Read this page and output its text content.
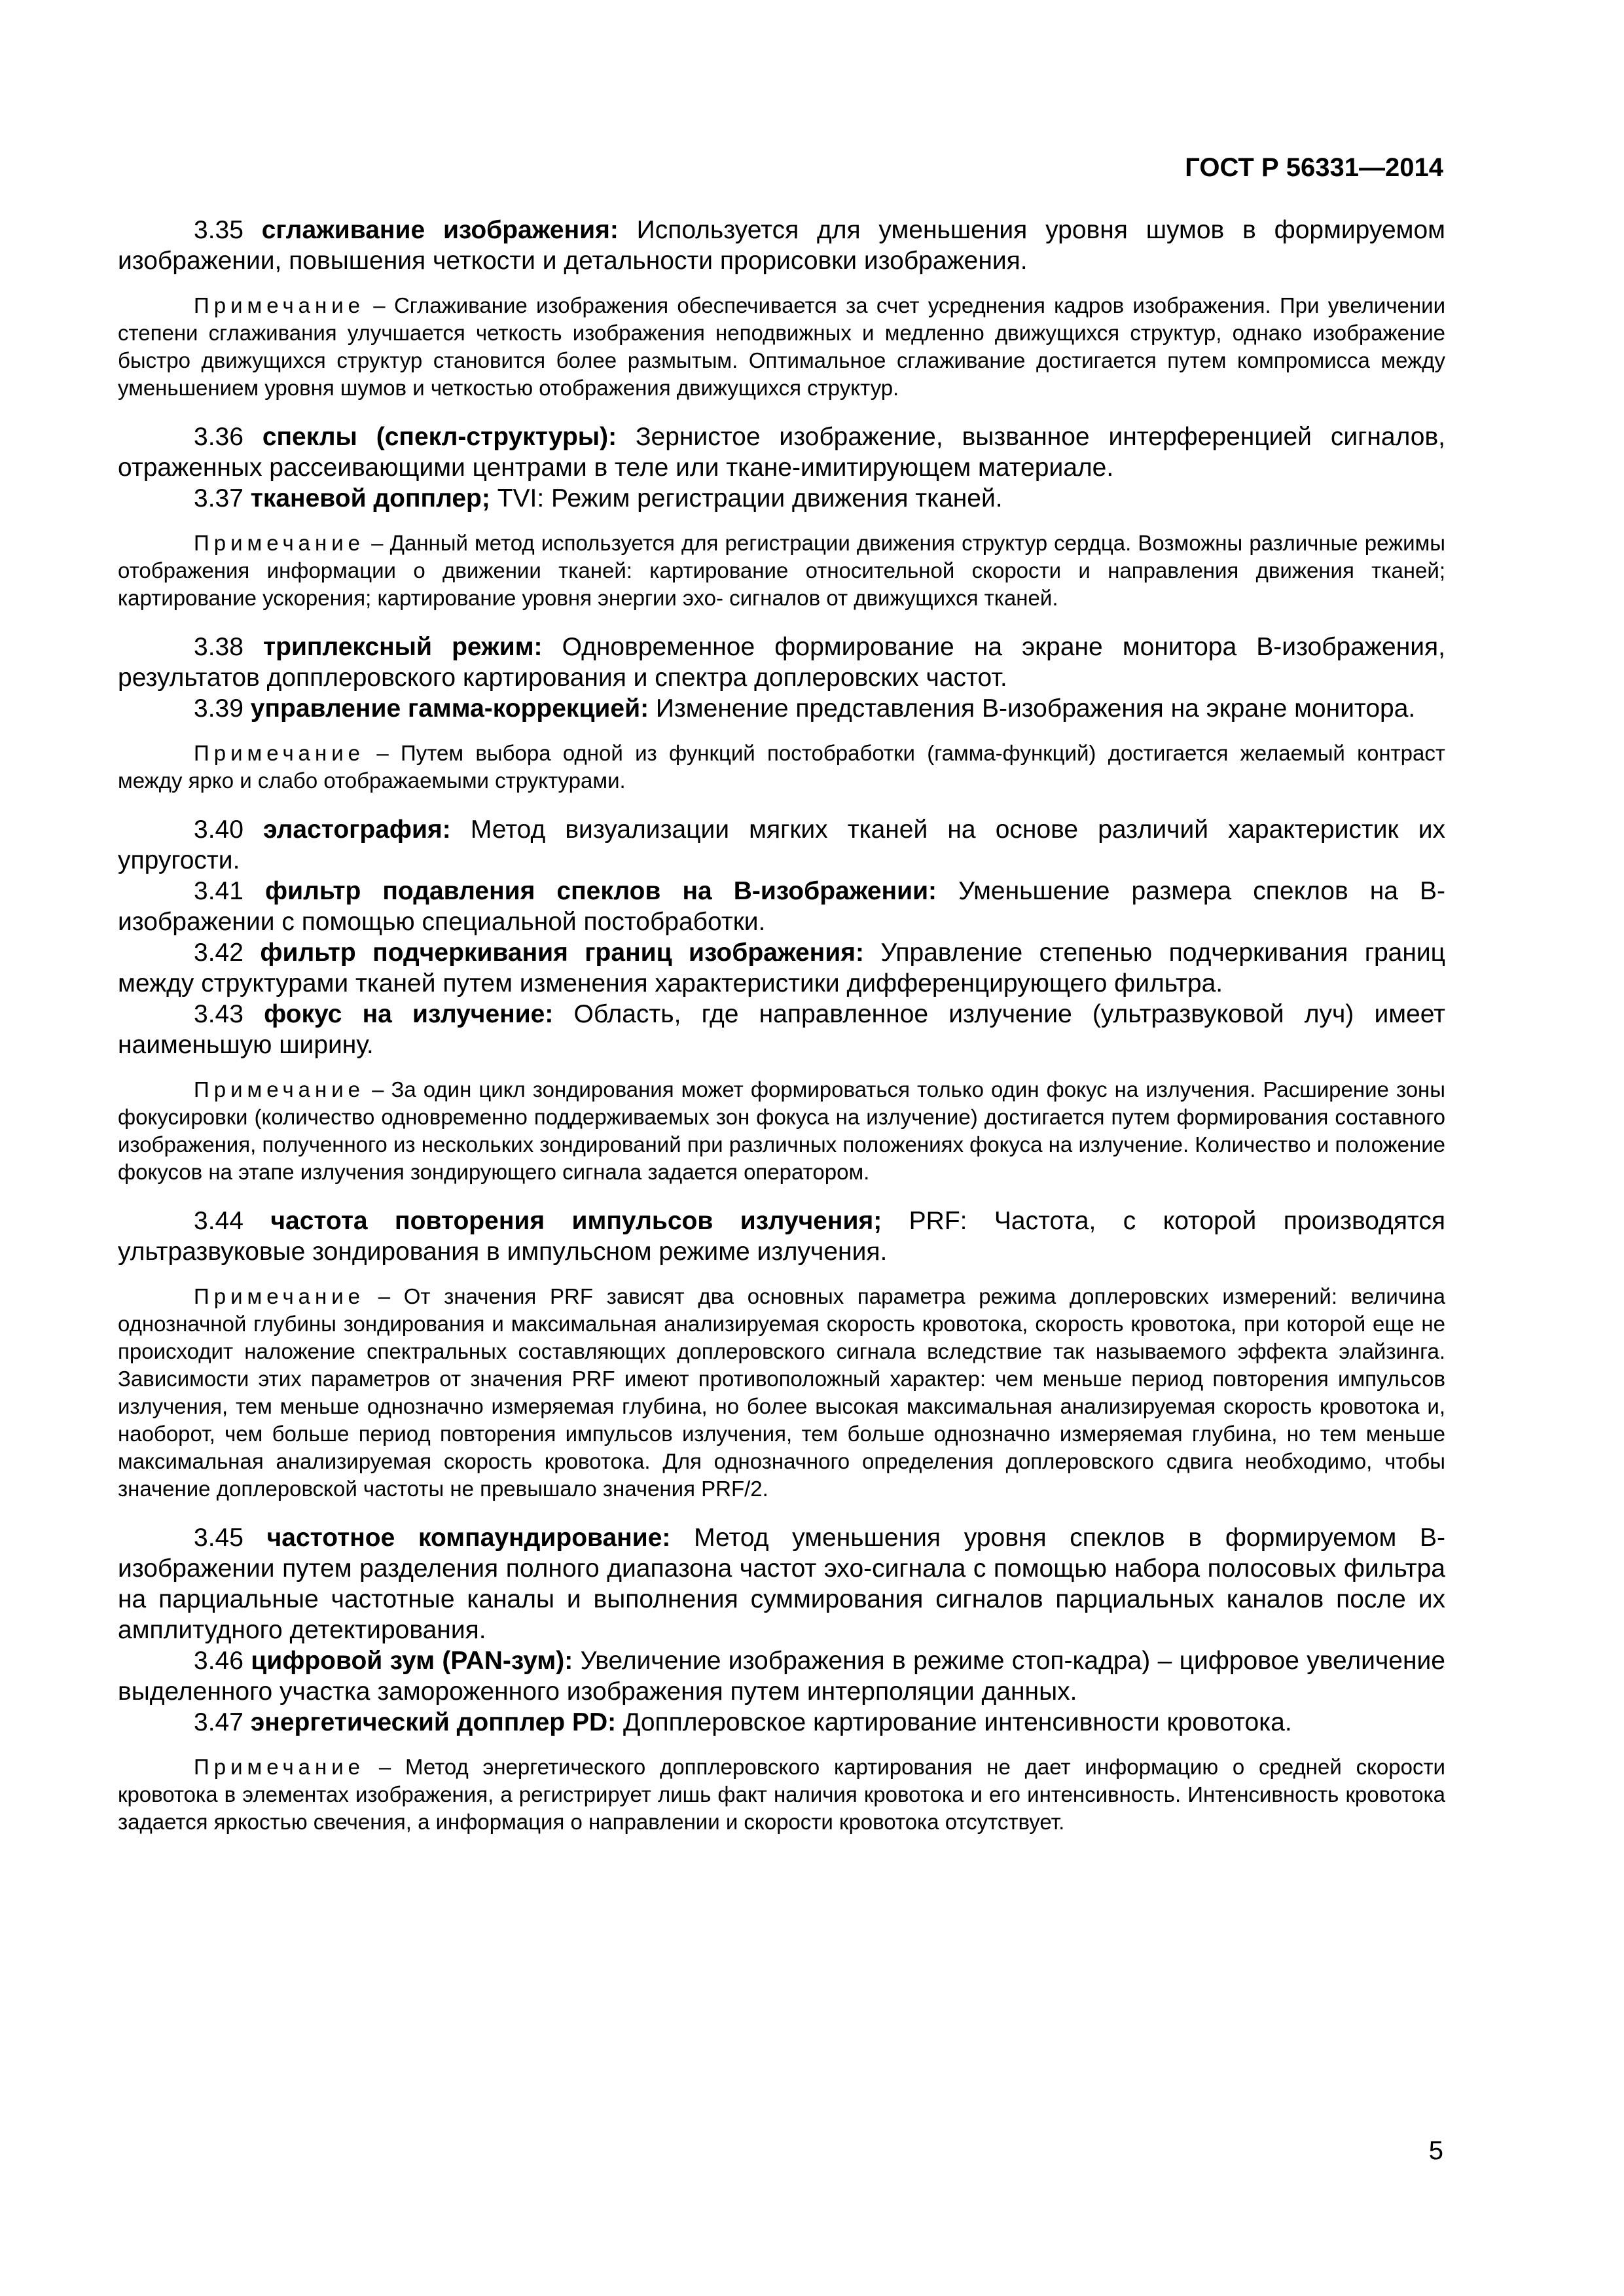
ГОСТ Р 56331—2014

3.35 сглаживание изображения: Используется для уменьшения уровня шумов в формируемом изображении, повышения четкости и детальности прорисовки изображения.

Примечание – Сглаживание изображения обеспечивается за счет усреднения кадров изображения. При увеличении степени сглаживания улучшается четкость изображения неподвижных и медленно движущихся структур, однако изображение быстро движущихся структур становится более размытым. Оптимальное сглаживание достигается путем компромисса между уменьшением уровня шумов и четкостью отображения движущихся структур.

3.36 спеклы (спекл-структуры): Зернистое изображение, вызванное интерференцией сигналов, отраженных рассеивающими центрами в теле или ткане-имитирующем материале.

3.37 тканевой допплер; TVI: Режим регистрации движения тканей.

Примечание – Данный метод используется для регистрации движения структур сердца. Возможны различные режимы отображения информации о движении тканей: картирование относительной скорости и направления движения тканей; картирование ускорения; картирование уровня энергии эхо- сигналов от движущихся тканей.

3.38 триплексный режим: Одновременное формирование на экране монитора В-изображения, результатов допплеровского картирования и спектра доплеровских частот.

3.39 управление гамма-коррекцией: Изменение представления В-изображения на экране монитора.

Примечание – Путем выбора одной из функций постобработки (гамма-функций) достигается желаемый контраст между ярко и слабо отображаемыми структурами.

3.40 эластография: Метод визуализации мягких тканей на основе различий характеристик их упругости.

3.41 фильтр подавления спеклов на В-изображении: Уменьшение размера спеклов на В-изображении с помощью специальной постобработки.

3.42 фильтр подчеркивания границ изображения: Управление степенью подчеркивания границ между структурами тканей путем изменения характеристики дифференцирующего фильтра.

3.43 фокус на излучение: Область, где направленное излучение (ультразвуковой луч) имеет наименьшую ширину.

Примечание – За один цикл зондирования может формироваться только один фокус на излучения. Расширение зоны фокусировки (количество одновременно поддерживаемых зон фокуса на излучение) достигается путем формирования составного изображения, полученного из нескольких зондирований при различных положениях фокуса на излучение. Количество и положение фокусов на этапе излучения зондирующего сигнала задается оператором.

3.44 частота повторения импульсов излучения; PRF: Частота, с которой производятся ультразвуковые зондирования в импульсном режиме излучения.

Примечание – От значения PRF зависят два основных параметра режима доплеровских измерений: величина однозначной глубины зондирования и максимальная анализируемая скорость кровотока, скорость кровотока, при которой еще не происходит наложение спектральных составляющих доплеровского сигнала вследствие так называемого эффекта элайзинга. Зависимости этих параметров от значения PRF имеют противоположный характер: чем меньше период повторения импульсов излучения, тем меньше однозначно измеряемая глубина, но более высокая максимальная анализируемая скорость кровотока и, наоборот, чем больше период повторения импульсов излучения, тем больше однозначно измеряемая глубина, но тем меньше максимальная анализируемая скорость кровотока. Для однозначного определения доплеровского сдвига необходимо, чтобы значение доплеровской частоты не превышало значения PRF/2.

3.45 частотное компаундирование: Метод уменьшения уровня спеклов в формируемом В-изображении путем разделения полного диапазона частот эхо-сигнала с помощью набора полосовых фильтра на парциальные частотные каналы и выполнения суммирования сигналов парциальных каналов после их амплитудного детектирования.

3.46 цифровой зум (PAN-зум): Увеличение изображения в режиме стоп-кадра) – цифровое увеличение выделенного участка замороженного изображения путем интерполяции данных.

3.47 энергетический допплер PD: Допплеровское картирование интенсивности кровотока.

Примечание – Метод энергетического допплеровского картирования не дает информацию о средней скорости кровотока в элементах изображения, а регистрирует лишь факт наличия кровотока и его интенсивность. Интенсивность кровотока задается яркостью свечения, а информация о направлении и скорости кровотока отсутствует.

5
